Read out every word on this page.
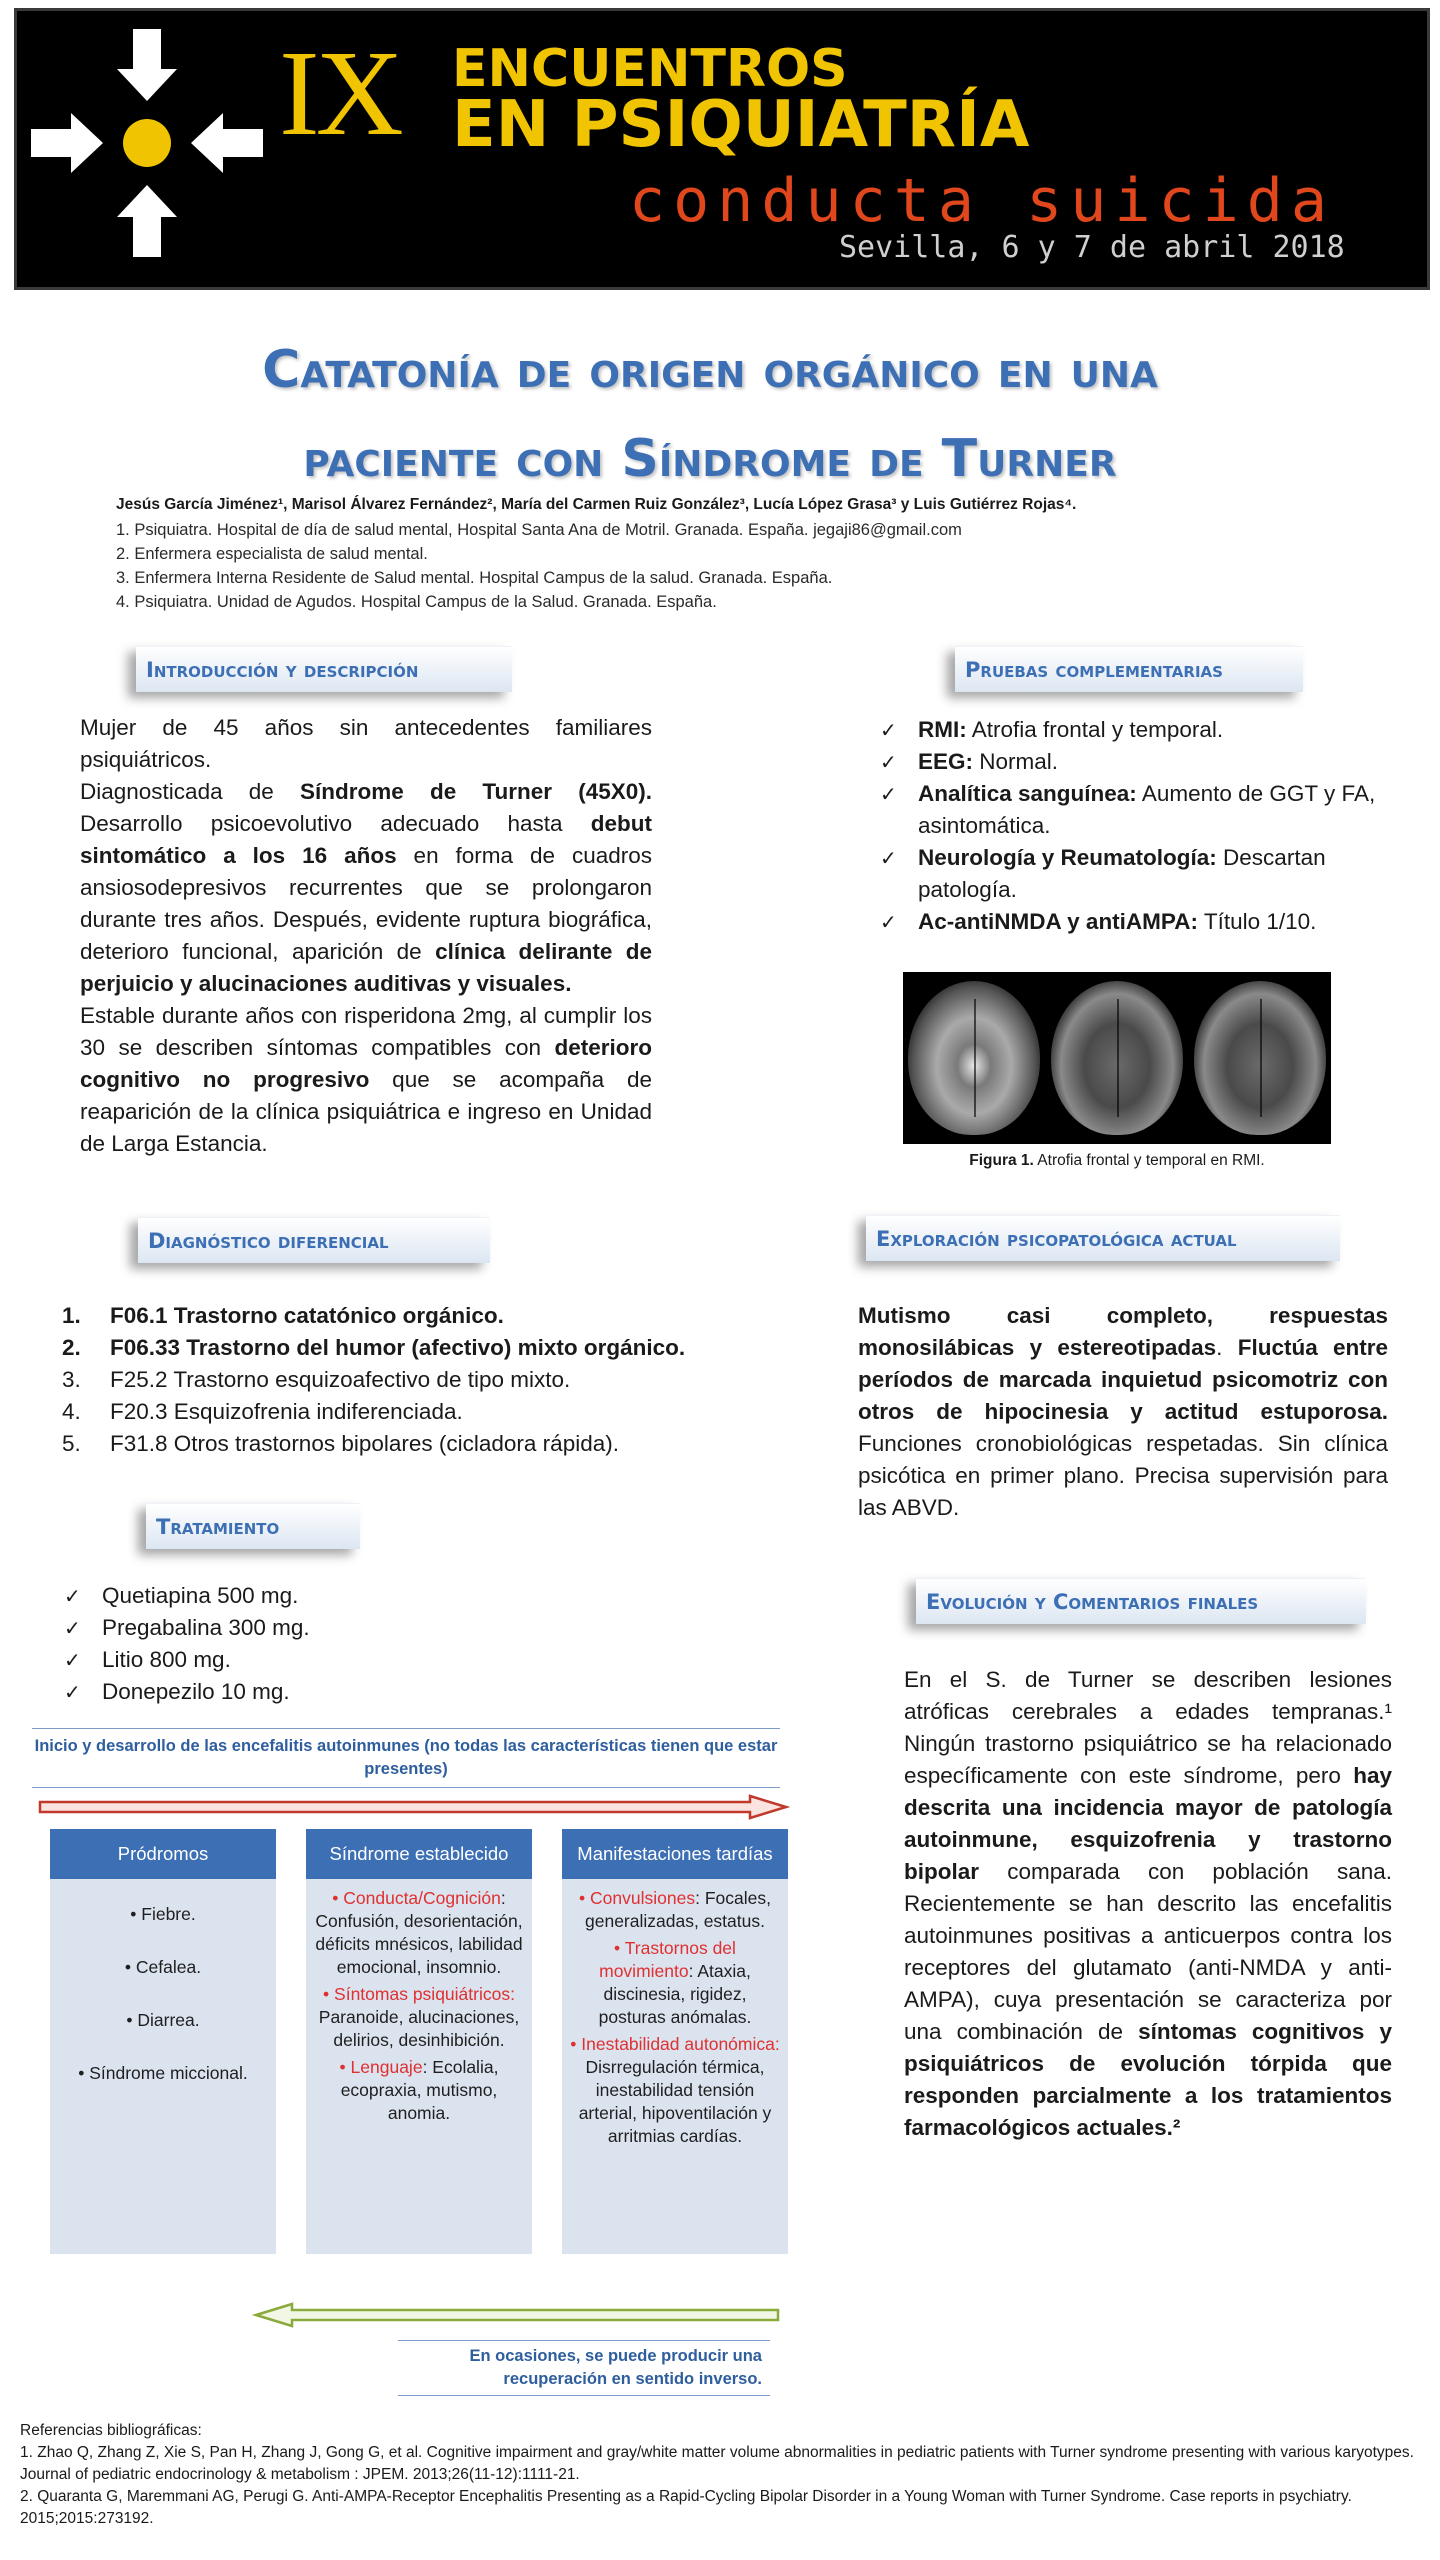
IX ENCUENTROS
EN PSIQUIATRÍA
conducta suicida
Sevilla, 6 y 7 de abril 2018
Catatonía de origen orgánico en una
paciente con Síndrome de Turner
Jesús García Jiménez¹, Marisol Álvarez Fernández², María del Carmen Ruiz González³, Lucía López Grasa³ y Luis Gutiérrez Rojas⁴.
1. Psiquiatra. Hospital de día de salud mental, Hospital Santa Ana de Motril. Granada. España. jegaji86@gmail.com
2. Enfermera especialista de salud mental.
3. Enfermera Interna Residente de Salud mental. Hospital Campus de la salud. Granada. España.
4. Psiquiatra. Unidad de Agudos. Hospital Campus de la Salud. Granada. España.
Introducción y descripción

Mujer de 45 años sin antecedentes familiares psiquiátricos.

Diagnosticada de Síndrome de Turner (45X0). Desarrollo psicoevolutivo adecuado hasta debut sintomático a los 16 años en forma de cuadros ansiosodepresivos recurrentes que se prolongaron durante tres años. Después, evidente ruptura biográfica, deterioro funcional, aparición de clínica delirante de perjuicio y alucinaciones auditivas y visuales.

Estable durante años con risperidona 2mg, al cumplir los 30 se describen síntomas compatibles con deterioro cognitivo no progresivo que se acompaña de reaparición de la clínica psiquiátrica e ingreso en Unidad de Larga Estancia.

Pruebas complementarias
✓ RMI: Atrofia frontal y temporal.
✓ EEG: Normal.
✓ Analítica sanguínea: Aumento de GGT y FA, asintomática.
✓ Neurología y Reumatología: Descartan patología.
✓ Ac-antiNMDA y antiAMPA: Título 1/10.
Figura 1. Atrofia frontal y temporal en RMI.
Diagnóstico diferencial
1.	F06.1 Trastorno catatónico orgánico.
2.	F06.33 Trastorno del humor (afectivo) mixto orgánico.
3.	F25.2 Trastorno esquizoafectivo de tipo mixto.
4.	F20.3 Esquizofrenia indiferenciada.
5.	F31.8 Otros trastornos bipolares (cicladora rápida).
Exploración psicopatológica actual
Mutismo casi completo, respuestas monosilábicas y estereotipadas. Fluctúa entre períodos de marcada inquietud psicomotriz con otros de hipocinesia y actitud estuporosa. Funciones cronobiológicas respetadas. Sin clínica psicótica en primer plano. Precisa supervisión para las ABVD.
Tratamiento
✓ Quetiapina 500 mg.
✓ Pregabalina 300 mg.
✓ Litio 800 mg.
✓ Donepezilo 10 mg.
Evolución y Comentarios finales
En el S. de Turner se describen lesiones atróficas cerebrales a edades tempranas.¹ Ningún trastorno psiquiátrico se ha relacionado específicamente con este síndrome, pero hay descrita una incidencia mayor de patología autoinmune, esquizofrenia y trastorno bipolar comparada con población sana. Recientemente se han descrito las encefalitis autoinmunes positivas a anticuerpos contra los receptores del glutamato (anti-NMDA y anti-AMPA), cuya presentación se caracteriza por una combinación de síntomas cognitivos y psiquiátricos de evolución tórpida que responden parcialmente a los tratamientos farmacológicos actuales.²
Inicio y desarrollo de las encefalitis autoinmunes (no todas las características tienen que estar presentes)
Pródromos

• Fiebre.

• Cefalea.

• Diarrea.

• Síndrome miccional.

Síndrome establecido

• Conducta/Cognición: Confusión, desorientación, déficits mnésicos, labilidad emocional, insomnio.

• Síntomas psiquiátricos: Paranoide, alucinaciones, delirios, desinhibición.

• Lenguaje: Ecolalia, ecopraxia, mutismo, anomia.

Manifestaciones tardías

• Convulsiones: Focales, generalizadas, estatus.

• Trastornos del movimiento: Ataxia, discinesia, rigidez, posturas anómalas.

• Inestabilidad autonómica: Disrregulación térmica, inestabilidad tensión arterial, hipoventilación y arritmias cardías.

En ocasiones, se puede producir una recuperación en sentido inverso.

Referencias bibliográficas:

1. Zhao Q, Zhang Z, Xie S, Pan H, Zhang J, Gong G, et al. Cognitive impairment and gray/white matter volume abnormalities in pediatric patients with Turner syndrome presenting with various karyotypes. Journal of pediatric endocrinology & metabolism : JPEM. 2013;26(11-12):1111-21.

2. Quaranta G, Maremmani AG, Perugi G. Anti-AMPA-Receptor Encephalitis Presenting as a Rapid-Cycling Bipolar Disorder in a Young Woman with Turner Syndrome. Case reports in psychiatry. 2015;2015:273192.
